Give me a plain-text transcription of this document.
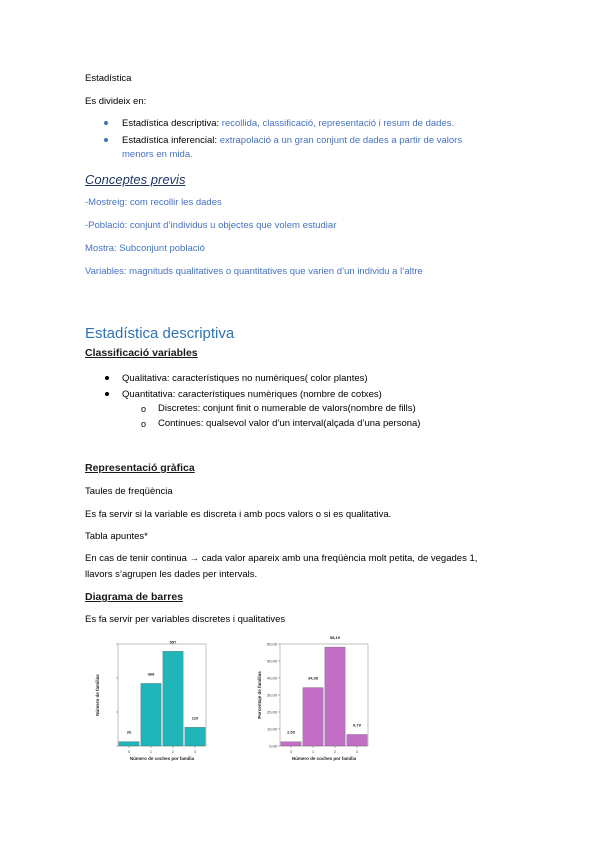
Estadística
Es divideix en:
Estadística descriptiva: recollida, classificació, representació i resum de dades.
Estadística inferencial: extrapolació a un gran conjunt de dades a partir de valors
menors en mida.
Conceptes previs
-Mostreig: com recollir les dades
-Població: conjunt d’individus u objectes que volem estudiar
Mostra: Subconjunt població
Variables: magnituds qualitatives o quantitatives que varien d’un individu a l’altre
Estadística descriptiva
Classificació variables
Qualitativa: característiques no numèriques( color plantes)
Quantitativa: característiques numèriques (nombre de cotxes)
o Discretes: conjunt finit o numerable de valors(nombre de fills)
o Continues: qualsevol valor d’un interval(alçada d’una persona)
Representació gràfica
Taules de freqüència
Es fa servir si la variable es discreta i amb pocs valors o si es qualitativa.
Tabla apuntes*
En cas de tenir continua → cada valor apareix amb una freqüència molt petita, de vegades 1,
llavors s’agrupen les dades per intervals.
Diagrama de barres
Es fa servir per variables discretes i qualitatives
26
0
368
1
557
2
110
3
Número de coches por familia
Número de familias
0,00
10,00
20,00
30,00
40,00
50,00
60,00
2,53
0
34,38
1
58,19
2
6,79
3
Número de coches por familia
Porcentaje de familias
